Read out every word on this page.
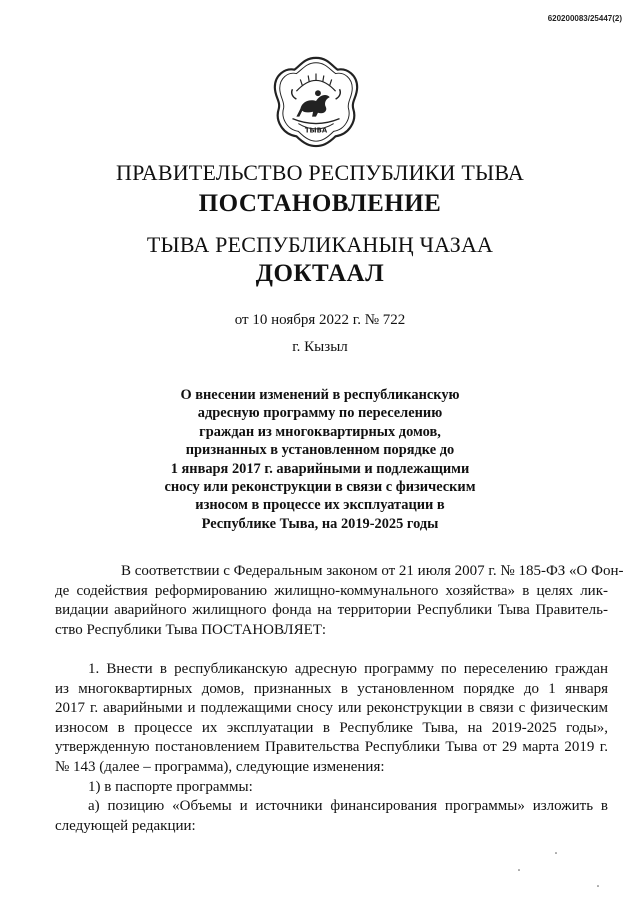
620200083/25447(2)
ТЫВА
ПРАВИТЕЛЬСТВО РЕСПУБЛИКИ ТЫВА
ПОСТАНОВЛЕНИЕ
ТЫВА РЕСПУБЛИКАНЫҢ ЧАЗАА
ДОКТААЛ
от 10 ноября 2022 г. № 722
г. Кызыл
О внесении изменений в республиканскую
адресную программу по переселению
граждан из многоквартирных домов,
признанных в установленном порядке до
1 января 2017 г. аварийными и подлежащими
сносу или реконструкции в связи с физическим
износом в процессе их эксплуатации в
Республике Тыва, на 2019-2025 годы
В соответствии с Федеральным законом от 21 июля 2007 г. № 185-ФЗ «О Фон-
де содействия реформированию жилищно-коммунального хозяйства» в целях лик-
видации аварийного жилищного фонда на территории Республики Тыва Правитель-
ство Республики Тыва ПОСТАНОВЛЯЕТ:
1. Внести в республиканскую адресную программу по переселению граждан
из многоквартирных домов, признанных в установленном порядке до 1 января
2017 г. аварийными и подлежащими сносу или реконструкции в связи с физическим
износом в процессе их эксплуатации в Республике Тыва, на 2019-2025 годы»,
утвержденную постановлением Правительства Республики Тыва от 29 марта 2019 г.
№ 143 (далее – программа), следующие изменения:
1) в паспорте программы:
а) позицию «Объемы и источники финансирования программы» изложить в
следующей редакции:
